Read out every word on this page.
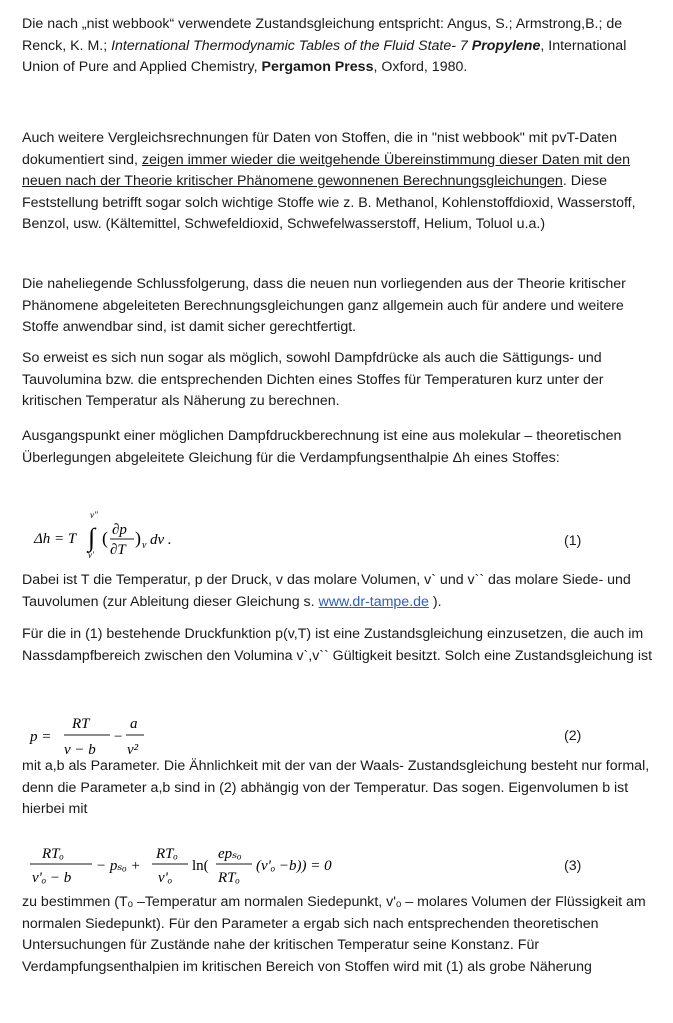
Die nach „nist webbook“ verwendete Zustandsgleichung entspricht: Angus, S.; Armstrong,B.; de Renck, K. M.; International Thermodynamic Tables of the Fluid State- 7 Propylene, International Union of Pure and Applied Chemistry, Pergamon Press, Oxford, 1980.

Auch weitere Vergleichsrechnungen für Daten von Stoffen, die in "nist webbook" mit pvT-Daten dokumentiert sind, zeigen immer wieder die weitgehende Übereinstimmung dieser Daten mit den neuen nach der Theorie kritischer Phänomene gewonnenen Berechnungsgleichungen. Diese Feststellung betrifft sogar solch wichtige Stoffe wie z. B. Methanol, Kohlenstoffdioxid, Wasserstoff, Benzol, usw. (Kältemittel, Schwefeldioxid, Schwefelwasserstoff, Helium, Toluol u.a.)

Die naheliegende Schlussfolgerung, dass die neuen nun vorliegenden aus der Theorie kritischer Phänomene abgeleiteten Berechnungsgleichungen ganz allgemein auch für andere und weitere Stoffe anwendbar sind, ist damit sicher gerechtfertigt.

So erweist es sich nun sogar als möglich, sowohl Dampfdrücke als auch die Sättigungs- und Tauvolumina bzw. die entsprechenden Dichten eines Stoffes für Temperaturen kurz unter der kritischen Temperatur als Näherung zu berechnen.

Ausgangspunkt einer möglichen Dampfdruckberechnung ist eine aus molekular – theoretischen Überlegungen abgeleitete Gleichung für die Verdampfungsenthalpie Δh eines Stoffes:

Δh = T ∫
v"
v'
( ∂p
∂T
) v dv .	(1)

Dabei ist T die Temperatur, p der Druck, v das molare Volumen, v` und v`` das molare Siede- und Tauvolumen (zur Ableitung dieser Gleichung s. www.dr-tampe.de ).

Für die in (1) bestehende Druckfunktion p(v,T) ist eine Zustandsgleichung einzusetzen, die auch im Nassdampfbereich zwischen den Volumina v`,v`` Gültigkeit besitzt. Solch eine Zustandsgleichung ist

p =
RT
v − b
−
a
v²
(2)

mit a,b als Parameter. Die Ähnlichkeit mit der van der Waals- Zustandsgleichung besteht nur formal, denn die Parameter a,b sind in (2) abhängig von der Temperatur. Das sogen. Eigenvolumen b ist hierbei mit

RTₒ
v'ₒ − b
− pₛₒ +
RTₒ
v'ₒ
ln(
epₛₒ
RTₒ
(v'ₒ −b)) = 0	(3)

zu bestimmen (Tₒ –Temperatur am normalen Siedepunkt, v'ₒ – molares Volumen der Flüssigkeit am normalen Siedepunkt). Für den Parameter a ergab sich nach entsprechenden theoretischen Untersuchungen für Zustände nahe der kritischen Temperatur seine Konstanz. Für Verdampfungsenthalpien im kritischen Bereich von Stoffen wird mit (1) als grobe Näherung
